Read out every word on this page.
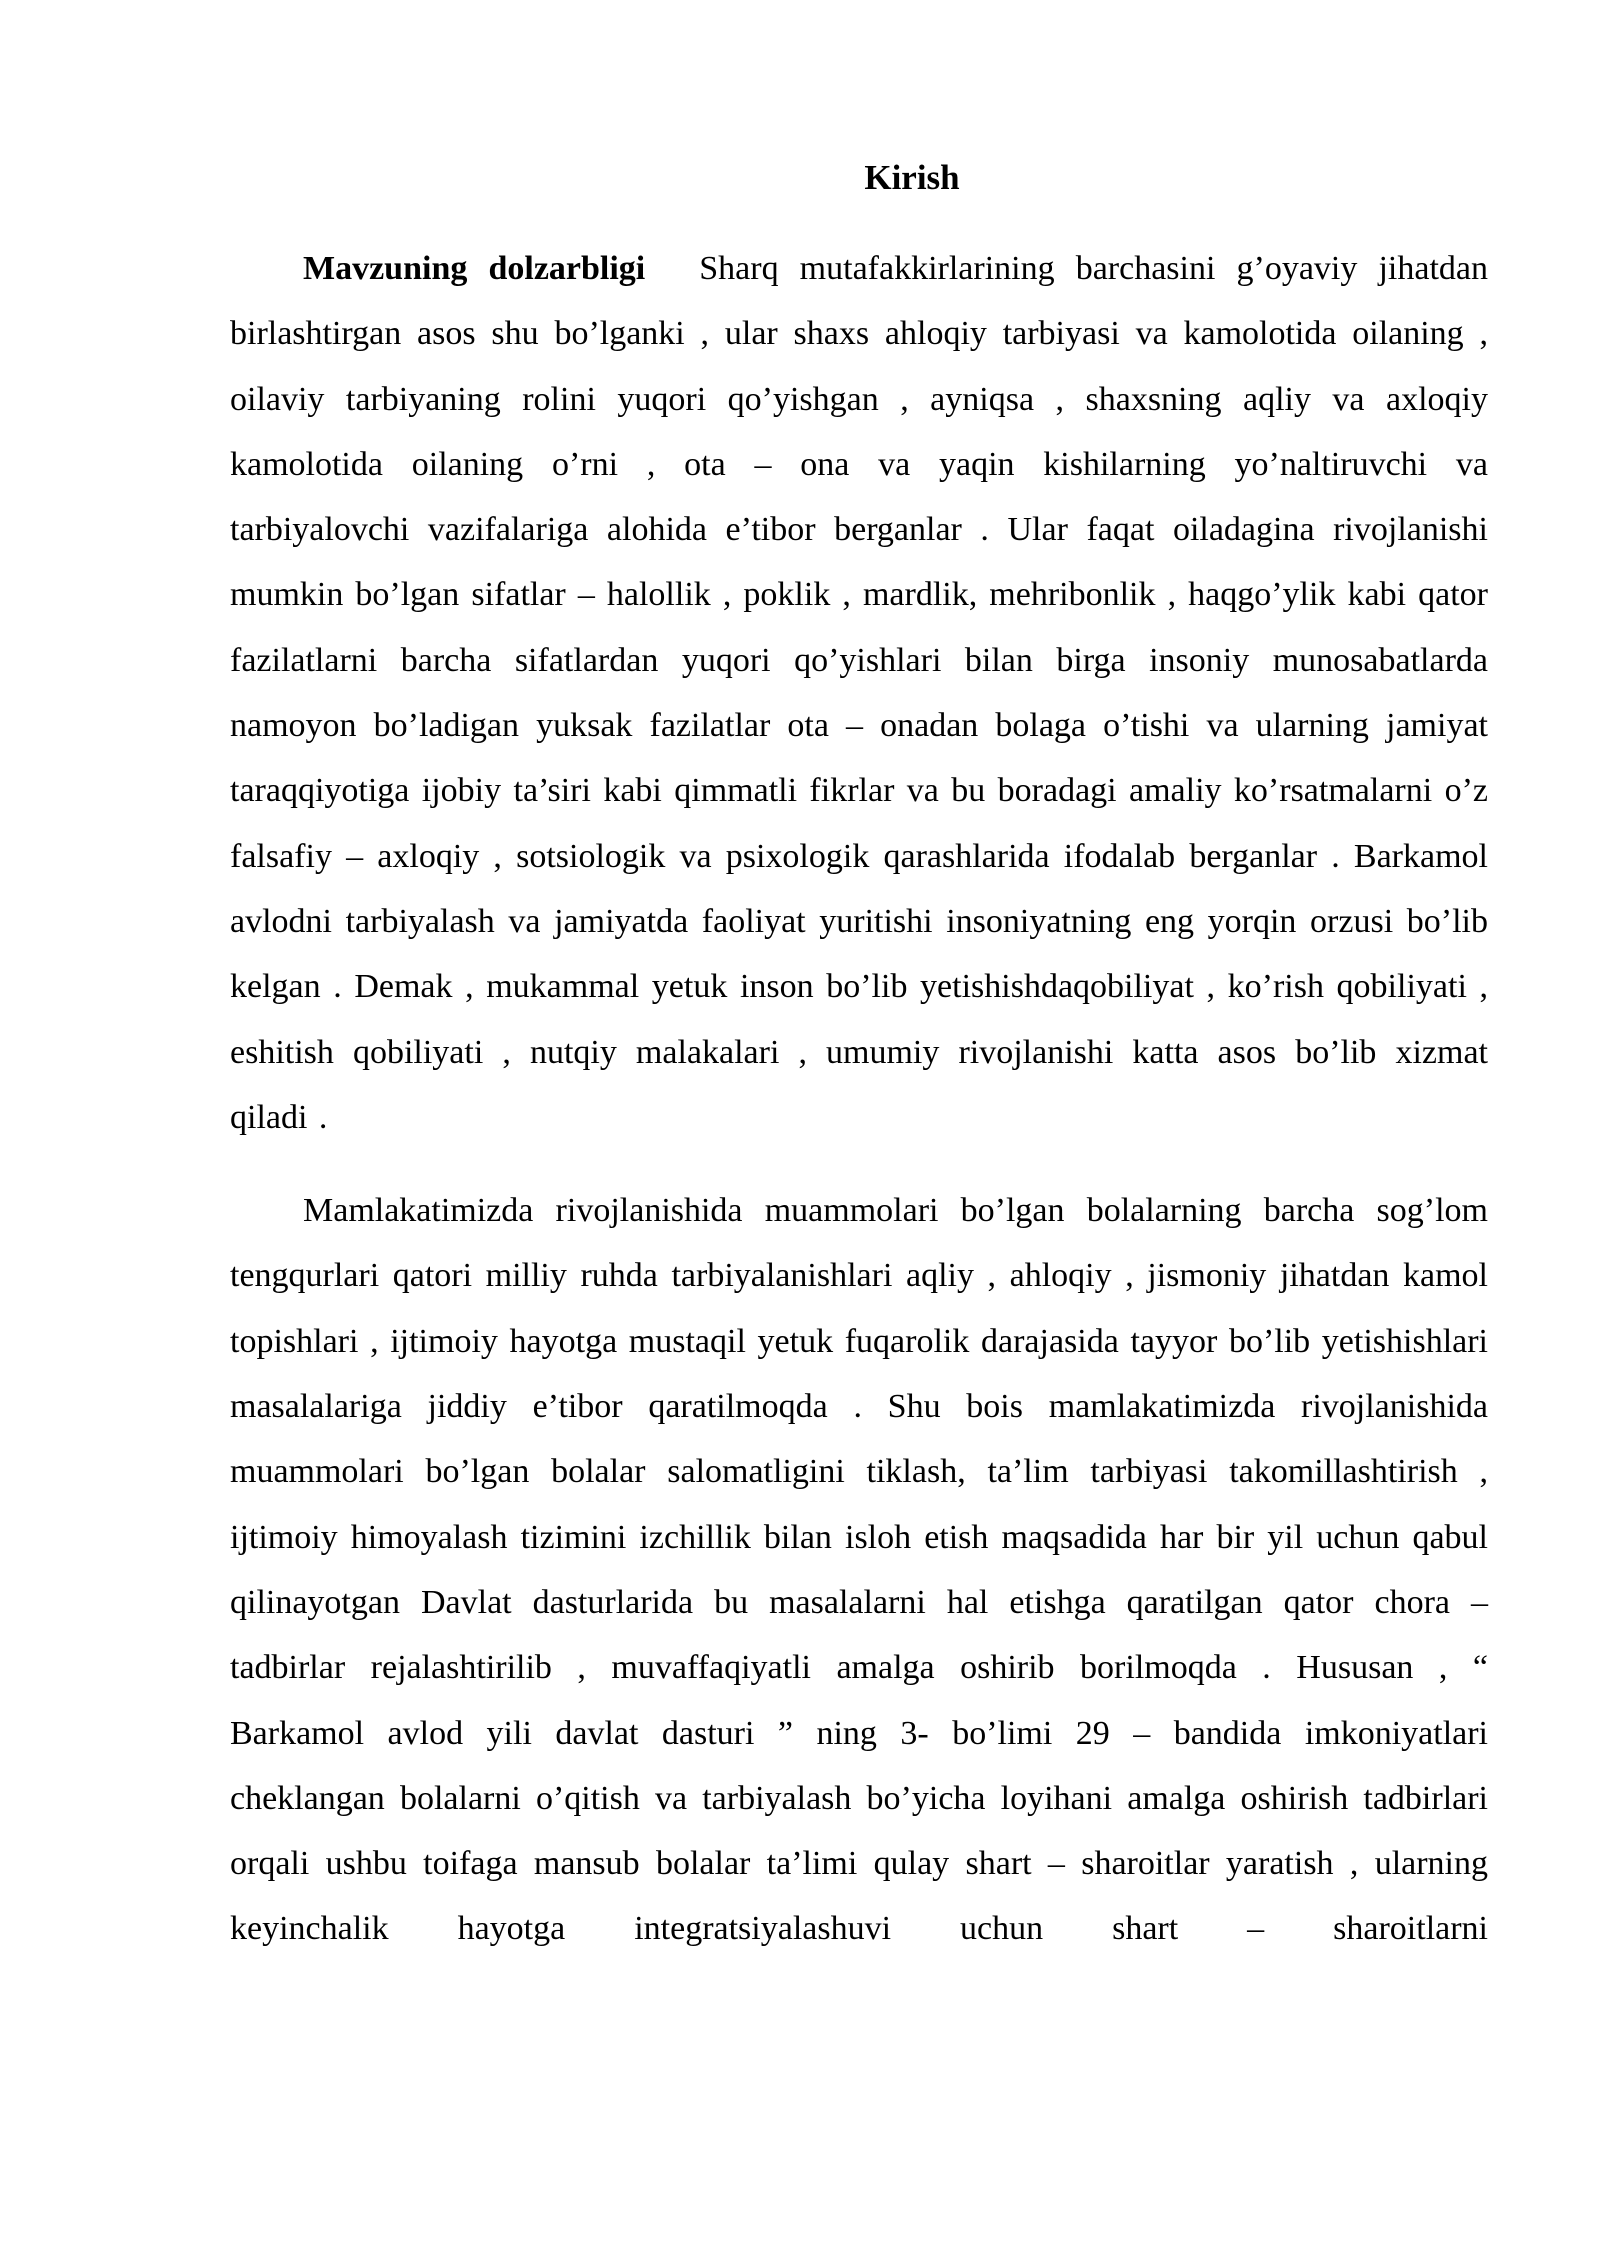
Kirish

Mavzuning dolzarbligi Sharq mutafakkirlarining barchasini g’oyaviy jihatdan birlashtirgan asos shu bo’lganki , ular shaxs ahloqiy tarbiyasi va kamolotida oilaning , oilaviy tarbiyaning rolini yuqori qo’yishgan , ayniqsa , shaxsning aqliy va axloqiy kamolotida oilaning o’rni , ota – ona va yaqin kishilarning yo’naltiruvchi va tarbiyalovchi vazifalariga alohida e’tibor berganlar . Ular faqat oiladagina rivojlanishi mumkin bo’lgan sifatlar – halollik , poklik , mardlik, mehribonlik , haqgo’ylik kabi qator fazilatlarni barcha sifatlardan yuqori qo’yishlari bilan birga insoniy munosabatlarda namoyon bo’ladigan yuksak fazilatlar ota – onadan bolaga o’tishi va ularning jamiyat taraqqiyotiga ijobiy ta’siri kabi qimmatli fikrlar va bu boradagi amaliy ko’rsatmalarni o’z falsafiy – axloqiy , sotsiologik va psixologik qarashlarida ifodalab berganlar . Barkamol avlodni tarbiyalash va jamiyatda faoliyat yuritishi insoniyatning eng yorqin orzusi bo’lib kelgan . Demak , mukammal yetuk inson bo’lib yetishishdaqobiliyat , ko’rish qobiliyati , eshitish qobiliyati , nutqiy malakalari , umumiy rivojlanishi katta asos bo’lib xizmat qiladi .

Mamlakatimizda rivojlanishida muammolari bo’lgan bolalarning barcha sog’lom tengqurlari qatori milliy ruhda tarbiyalanishlari aqliy , ahloqiy , jismoniy jihatdan kamol topishlari , ijtimoiy hayotga mustaqil yetuk fuqarolik darajasida tayyor bo’lib yetishishlari masalalariga jiddiy e’tibor qaratilmoqda . Shu bois mamlakatimizda rivojlanishida muammolari bo’lgan bolalar salomatligini tiklash, ta’lim tarbiyasi takomillashtirish , ijtimoiy himoyalash tizimini izchillik bilan isloh etish maqsadida har bir yil uchun qabul qilinayotgan Davlat dasturlarida bu masalalarni hal etishga qaratilgan qator chora – tadbirlar rejalashtirilib , muvaffaqiyatli amalga oshirib borilmoqda . Hususan , “ Barkamol avlod yili davlat dasturi ” ning 3- bo’limi 29 – bandida imkoniyatlari cheklangan bolalarni o’qitish va tarbiyalash bo’yicha loyihani amalga oshirish tadbirlari orqali ushbu toifaga mansub bolalar ta’limi qulay shart – sharoitlar yaratish , ularning keyinchalik hayotga integratsiyalashuvi uchun shart – sharoitlarni
